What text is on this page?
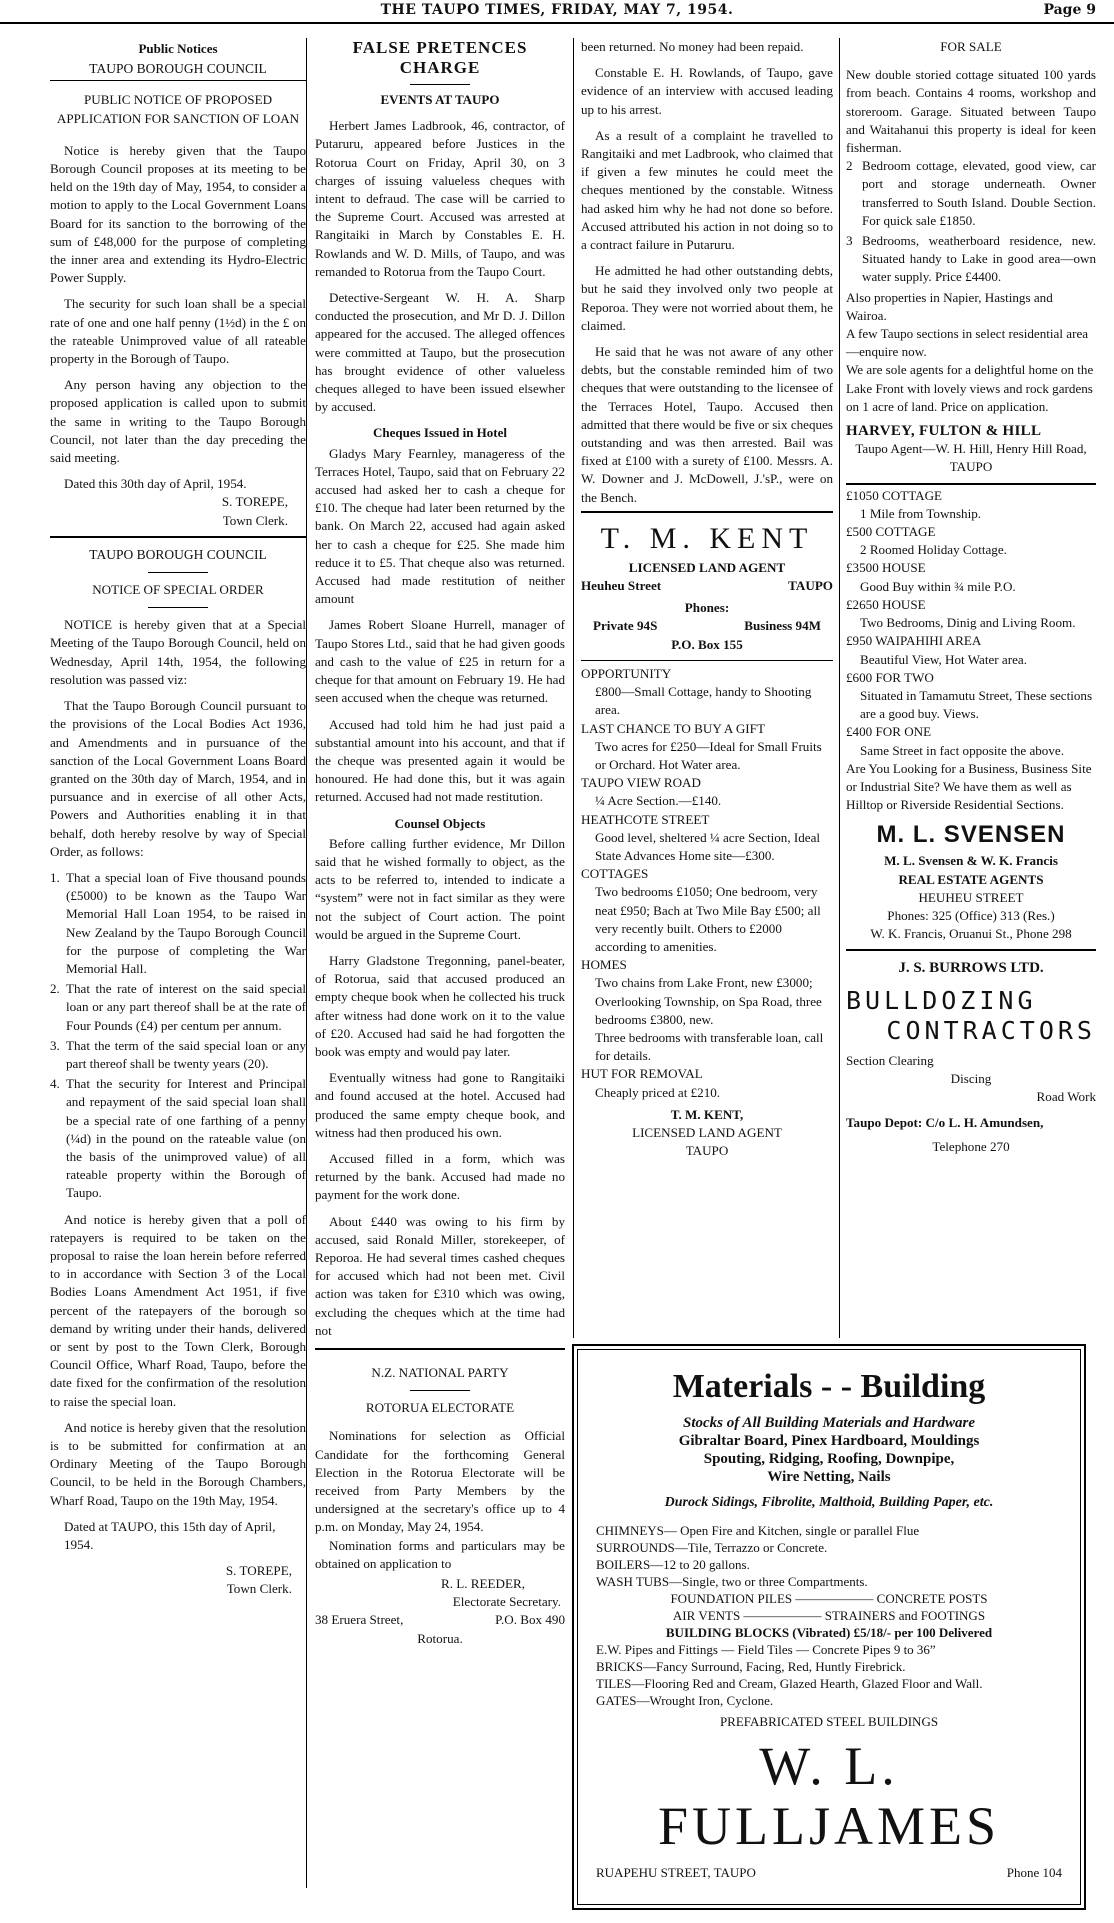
THE TAUPO TIMES, FRIDAY, MAY 7, 1954.	Page 9
Public Notices
TAUPO BOROUGH COUNCIL
PUBLIC NOTICE OF PROPOSED APPLICATION FOR SANCTION OF LOAN

Notice is hereby given that the Taupo Borough Council proposes at its meeting to be held on the 19th day of May, 1954, to consider a motion to apply to the Local Government Loans Board for its sanction to the borrowing of the sum of £48,000 for the purpose of completing the inner area and extending its Hydro-Electric Power Supply.

The security for such loan shall be a special rate of one and one half penny (1½d) in the £ on the rateable Unimproved value of all rateable property in the Borough of Taupo.

Any person having any objection to the proposed application is called upon to submit the same in writing to the Taupo Borough Council, not later than the day preceding the said meeting.

Dated this 30th day of April, 1954.
S. TOREPE,
Town Clerk.
TAUPO BOROUGH COUNCIL
NOTICE OF SPECIAL ORDER

NOTICE is hereby given that at a Special Meeting of the Taupo Borough Council, held on Wednesday, April 14th, 1954, the following resolution was passed viz:

That the Taupo Borough Council pursuant to the provisions of the Local Bodies Act 1936, and Amendments and in pursuance of the sanction of the Local Government Loans Board granted on the 30th day of March, 1954, and in pursuance and in exercise of all other Acts, Powers and Authorities enabling it in that behalf, doth hereby resolve by way of Special Order, as follows:

1. That a special loan of Five thousand pounds (£5000) to be known as the Taupo War Memorial Hall Loan 1954, to be raised in New Zealand by the Taupo Borough Council for the purpose of completing the War Memorial Hall.
2. That the rate of interest on the said special loan or any part thereof shall be at the rate of Four Pounds (£4) per centum per annum.
3. That the term of the said special loan or any part thereof shall be twenty years (20).
4. That the security for Interest and Principal and repayment of the said special loan shall be a special rate of one farthing of a penny (¼d) in the pound on the rateable value (on the basis of the unimproved value) of all rateable property within the Borough of Taupo.

And notice is hereby given that a poll of ratepayers is required to be taken on the proposal to raise the loan herein before referred to in accordance with Section 3 of the Local Bodies Loans Amendment Act 1951, if five percent of the ratepayers of the borough so demand by writing under their hands, delivered or sent by post to the Town Clerk, Borough Council Office, Wharf Road, Taupo, before the date fixed for the confirmation of the resolution to raise the special loan.

And notice is hereby given that the resolution is to be submitted for confirmation at an Ordinary Meeting of the Taupo Borough Council, to be held in the Borough Chambers, Wharf Road, Taupo on the 19th May, 1954.

Dated at TAUPO, this 15th day of April, 1954.
S. TOREPE,
Town Clerk.
FALSE PRETENCES CHARGE
EVENTS AT TAUPO

Herbert James Ladbrook, 46, contractor, of Putaruru, appeared before Justices in the Rotorua Court on Friday, April 30, on 3 charges of issuing valueless cheques with intent to defraud. The case will be carried to the Supreme Court. Accused was arrested at Rangitaiki in March by Constables E. H. Rowlands and W. D. Mills, of Taupo, and was remanded to Rotorua from the Taupo Court.

Detective-Sergeant W. H. A. Sharp conducted the prosecution, and Mr D. J. Dillon appeared for the accused. The alleged offences were committed at Taupo, but the prosecution has brought evidence of other valueless cheques alleged to have been issued elsewher by accused.

Cheques Issued in Hotel

Gladys Mary Fearnley, manageress of the Terraces Hotel, Taupo, said that on February 22 accused had asked her to cash a cheque for £10. The cheque had later been returned by the bank. On March 22, accused had again asked her to cash a cheque for £25. She made him reduce it to £5. That cheque also was returned. Accused had made restitution of neither amount

James Robert Sloane Hurrell, manager of Taupo Stores Ltd., said that he had given goods and cash to the value of £25 in return for a cheque for that amount on February 19. He had seen accused when the cheque was returned.

Accused had told him he had just paid a substantial amount into his account, and that if the cheque was presented again it would be honoured. He had done this, but it was again returned. Accused had not made restitution.

Counsel Objects

Before calling further evidence, Mr Dillon said that he wished formally to object, as the acts to be referred to, intended to indicate a “system” were not in fact similar as they were not the subject of Court action. The point would be argued in the Supreme Court.

Harry Gladstone Tregonning, panel-beater, of Rotorua, said that accused produced an empty cheque book when he collected his truck after witness had done work on it to the value of £20. Accused had said he had forgotten the book was empty and would pay later.

Eventually witness had gone to Rangitaiki and found accused at the hotel. Accused had produced the same empty cheque book, and witness had then produced his own.

Accused filled in a form, which was returned by the bank. Accused had made no payment for the work done.

About £440 was owing to his firm by accused, said Ronald Miller, storekeeper, of Reporoa. He had several times cashed cheques for accused which had not been met. Civil action was taken for £310 which was owing, excluding the cheques which at the time had not

N.Z. NATIONAL PARTY
ROTORUA ELECTORATE

Nominations for selection as Official Candidate for the forthcoming General Election in the Rotorua Electorate will be received from Party Members by the undersigned at the secretary's office up to 4 p.m. on Monday, May 24, 1954.

Nomination forms and particulars may be obtained on application to

R. L. REEDER,
Electorate Secretary.
38 Eruera Street,	P.O. Box 490
Rotorua.

been returned. No money had been repaid.

Constable E. H. Rowlands, of Taupo, gave evidence of an interview with accused leading up to his arrest.

As a result of a complaint he travelled to Rangitaiki and met Ladbrook, who claimed that if given a few minutes he could meet the cheques mentioned by the constable. Witness had asked him why he had not done so before. Accused attributed his action in not doing so to a contract failure in Putaruru.

He admitted he had other outstanding debts, but he said they involved only two people at Reporoa. They were not worried about them, he claimed.

He said that he was not aware of any other debts, but the constable reminded him of two cheques that were outstanding to the licensee of the Terraces Hotel, Taupo. Accused then admitted that there would be five or six cheques outstanding and was then arrested. Bail was fixed at £100 with a surety of £100. Messrs. A. W. Downer and J. McDowell, J.'sP., were on the Bench.

T. M. KENT
LICENSED LAND AGENT
Heuheu Street	TAUPO
Phones:
Private 94S	Business 94M
P.O. Box 155
OPPORTUNITY
£800—Small Cottage, handy to Shooting area.
LAST CHANCE TO BUY A GIFT
Two acres for £250—Ideal for Small Fruits or Orchard. Hot Water area.
TAUPO VIEW ROAD
¼ Acre Section.—£140.
HEATHCOTE STREET
Good level, sheltered ¼ acre Section, Ideal State Advances Home site—£300.
COTTAGES
Two bedrooms £1050; One bedroom, very neat £950; Bach at Two Mile Bay £500; all very recently built. Others to £2000 according to amenities.
HOMES
Two chains from Lake Front, new £3000; Overlooking Township, on Spa Road, three bedrooms £3800, new.
Three bedrooms with transferable loan, call for details.
HUT FOR REMOVAL
Cheaply priced at £210.
T. M. KENT,
LICENSED LAND AGENT
TAUPO
FOR SALE

New double storied cottage situated 100 yards from beach. Contains 4 rooms, workshop and storeroom. Garage. Situated between Taupo and Waitahanui this property is ideal for keen fisherman.

2 Bedroom cottage, elevated, good view, car port and storage underneath. Owner transferred to South Island. Double Section. For quick sale £1850.
3 Bedrooms, weatherboard residence, new. Situated handy to Lake in good area—own water supply. Price £4400.
Also properties in Napier, Hastings and Wairoa.
A few Taupo sections in select residential area—enquire now.
We are sole agents for a delightful home on the Lake Front with lovely views and rock gardens on 1 acre of land. Price on application.
HARVEY, FULTON & HILL
Taupo Agent—W. H. Hill, Henry Hill Road, TAUPO
£1050 COTTAGE
1 Mile from Township.
£500 COTTAGE
2 Roomed Holiday Cottage.
£3500 HOUSE
Good Buy within ¾ mile P.O.
£2650 HOUSE
Two Bedrooms, Dinig and Living Room.
£950 WAIPAHIHI AREA
Beautiful View, Hot Water area.
£600 FOR TWO
Situated in Tamamutu Street, These sections are a good buy. Views.
£400 FOR ONE
Same Street in fact opposite the above.
Are You Looking for a Business, Business Site or Industrial Site? We have them as well as Hilltop or Riverside Residential Sections.
M. L. SVENSEN
M. L. Svensen & W. K. Francis
REAL ESTATE AGENTS
HEUHEU STREET
Phones: 325 (Office) 313 (Res.)
W. K. Francis, Oruanui St., Phone 298
J. S. BURROWS LTD.
BULLDOZING
CONTRACTORS
Section Clearing
Discing
Road Work
Taupo Depot: C/o L. H. Amundsen,
Telephone 270
Materials - - Building
Stocks of All Building Materials and Hardware
Gibraltar Board, Pinex Hardboard, Mouldings
Spouting, Ridging, Roofing, Downpipe,
Wire Netting, Nails
Durock Sidings, Fibrolite, Malthoid, Building Paper, etc.
CHIMNEYS— Open Fire and Kitchen, single or parallel Flue
SURROUNDS—Tile, Terrazzo or Concrete.
BOILERS—12 to 20 gallons.
WASH TUBS—Single, two or three Compartments.
FOUNDATION PILES —————— CONCRETE POSTS
AIR VENTS —————— STRAINERS and FOOTINGS
BUILDING BLOCKS (Vibrated) £5/18/- per 100 Delivered
E.W. Pipes and Fittings — Field Tiles — Concrete Pipes 9 to 36”
BRICKS—Fancy Surround, Facing, Red, Huntly Firebrick.
TILES—Flooring Red and Cream, Glazed Hearth, Glazed Floor and Wall.
GATES—Wrought Iron, Cyclone.
PREFABRICATED STEEL BUILDINGS
W. L. FULLJAMES
RUAPEHU STREET, TAUPO	Phone 104
